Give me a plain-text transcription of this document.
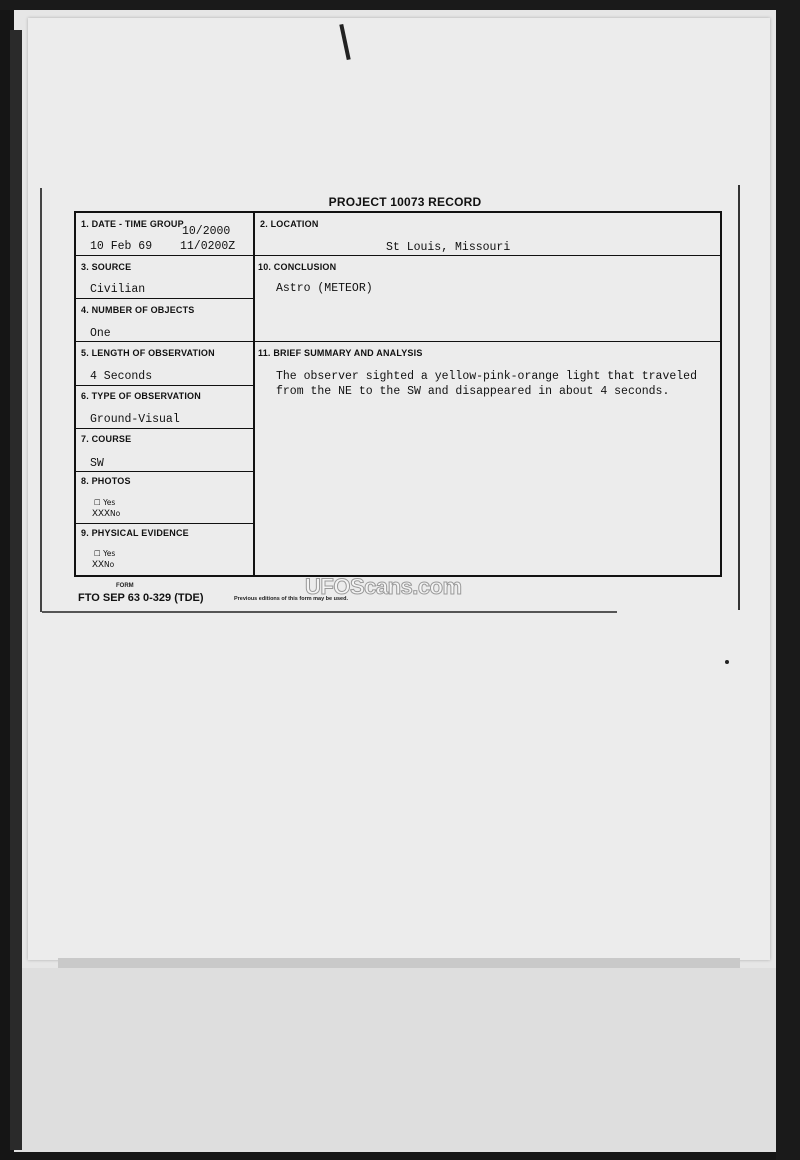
PROJECT 10073 RECORD
1. DATE - TIME GROUP
10/2000
10 Feb 69 11/0200Z
2. LOCATION
St Louis, Missouri
3. SOURCE
Civilian
10. CONCLUSION
Astro (METEOR)
4. NUMBER OF OBJECTS
One
5. LENGTH OF OBSERVATION
4 Seconds
11. BRIEF SUMMARY AND ANALYSIS
The observer sighted a yellow-pink-orange light that traveled
from the NE to the SW and disappeared in about 4 seconds.
6. TYPE OF OBSERVATION
Ground-Visual
7. COURSE
SW
8. PHOTOS
☐ Yes
XXXNo
9. PHYSICAL EVIDENCE
☐ Yes
XXNo
FORM
FTO SEP 63 0-329 (TDE)	Previous editions of this form may be used.
UFOScans.com
